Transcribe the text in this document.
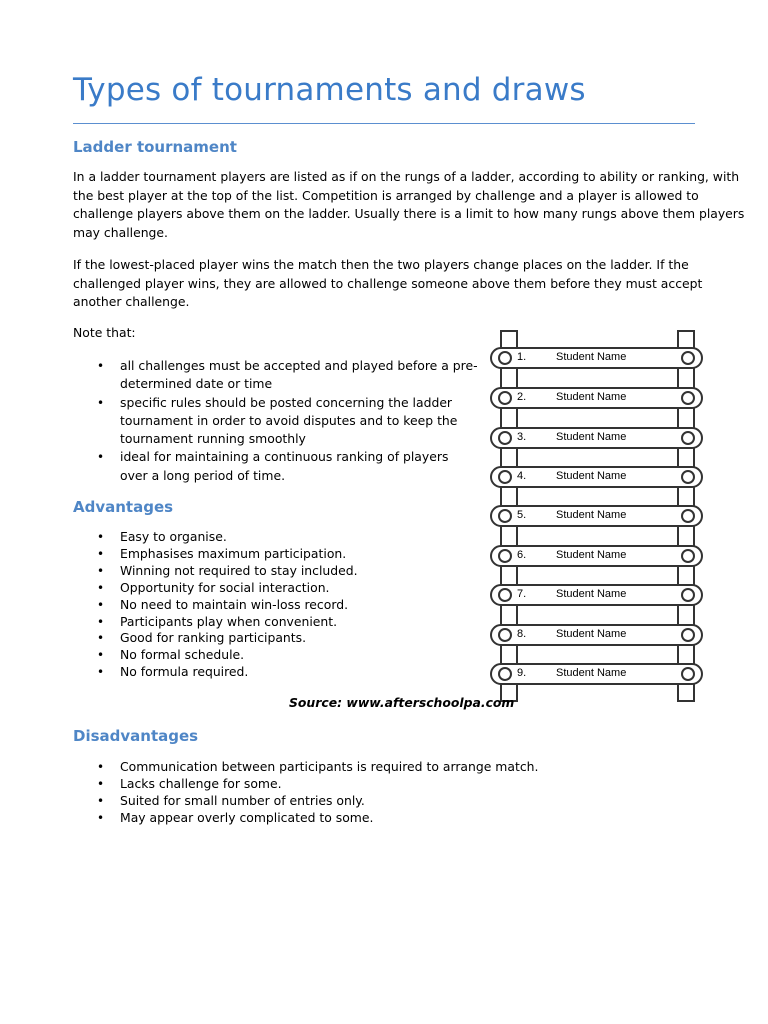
Types of tournaments and draws
Ladder tournament

In a ladder tournament players are listed as if on the rungs of a ladder, according to ability or ranking, with
the best player at the top of the list. Competition is arranged by challenge and a player is allowed to
challenge players above them on the ladder. Usually there is a limit to how many rungs above them players
may challenge.

If the lowest-placed player wins the match then the two players change places on the ladder. If the
challenged player wins, they are allowed to challenge someone above them before they must accept
another challenge.

Note that:

• all challenges must be accepted and played before a pre-
determined date or time
• specific rules should be posted concerning the ladder
tournament in order to avoid disputes and to keep the
tournament running smoothly
• ideal for maintaining a continuous ranking of players
over a long period of time.
Advantages
• Easy to organise.
• Emphasises maximum participation.
• Winning not required to stay included.
• Opportunity for social interaction.
• No need to maintain win-loss record.
• Participants play when convenient.
• Good for ranking participants.
• No formal schedule.
• No formula required.
1.	Student Name
2.	Student Name
3.	Student Name
4.	Student Name
5.	Student Name
6.	Student Name
7.	Student Name
8.	Student Name
9.	Student Name

Source: www.afterschoolpa.com

Disadvantages
• Communication between participants is required to arrange match.
• Lacks challenge for some.
• Suited for small number of entries only.
• May appear overly complicated to some.
